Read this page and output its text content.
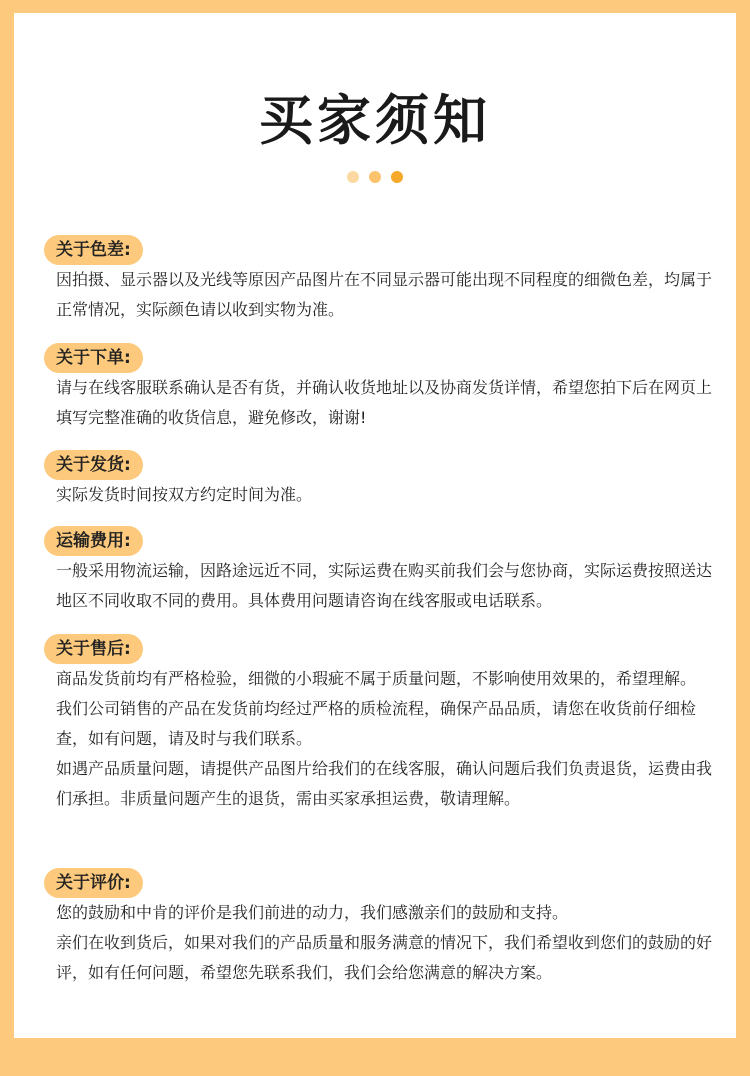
买家须知
关于色差:

因拍摄、显示器以及光线等原因产品图片在不同显示器可能出现不同程度的细微色差，均属于正常情况，实际颜色请以收到实物为准。

关于下单:

请与在线客服联系确认是否有货，并确认收货地址以及协商发货详情，希望您拍下后在网页上填写完整准确的收货信息，避免修改，谢谢!

关于发货:

实际发货时间按双方约定时间为准。

运输费用:

一般采用物流运输，因路途远近不同，实际运费在购买前我们会与您协商，实际运费按照送达地区不同收取不同的费用。具体费用问题请咨询在线客服或电话联系。

关于售后:

商品发货前均有严格检验，细微的小瑕疵不属于质量问题，不影响使用效果的，希望理解。

我们公司销售的产品在发货前均经过严格的质检流程，确保产品品质，请您在收货前仔细检查，如有问题，请及时与我们联系。

如遇产品质量问题，请提供产品图片给我们的在线客服，确认问题后我们负责退货，运费由我们承担。非质量问题产生的退货，需由买家承担运费，敬请理解。

关于评价:

您的鼓励和中肯的评价是我们前进的动力，我们感激亲们的鼓励和支持。

亲们在收到货后，如果对我们的产品质量和服务满意的情况下，我们希望收到您们的鼓励的好评，如有任何问题，希望您先联系我们，我们会给您满意的解决方案。
